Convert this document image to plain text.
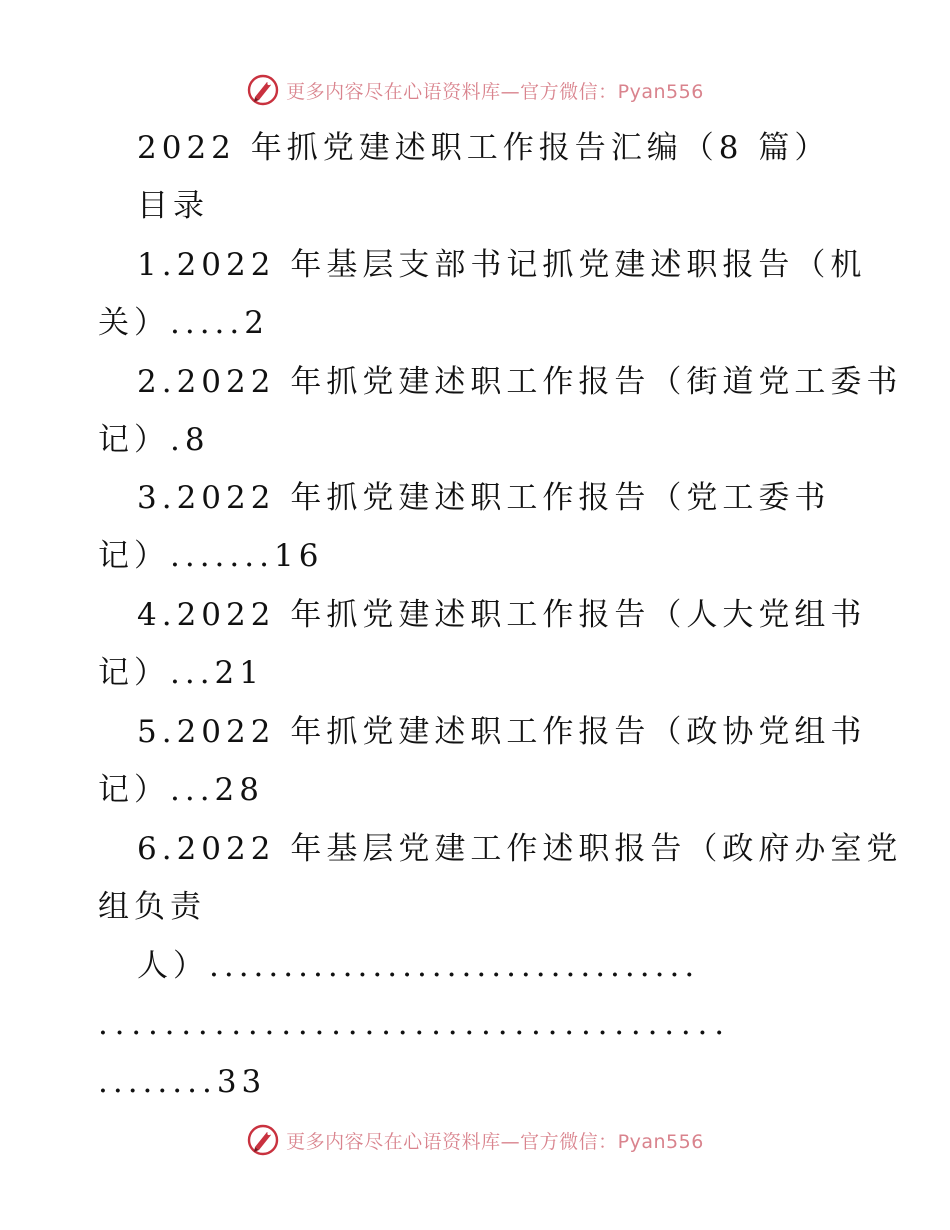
更多内容尽在心语资料库—官方微信：Pyan556
2022 年抓党建述职工作报告汇编（8 篇）
目录
1.2022 年基层支部书记抓党建述职报告（机
关）.....2
2.2022 年抓党建述职工作报告（街道党工委书
记）.8
3.2022 年抓党建述职工作报告（党工委书
记）.......16
4.2022 年抓党建述职工作报告（人大党组书
记）...21
5.2022 年抓党建述职工作报告（政协党组书
记）...28
6.2022 年基层党建工作述职报告（政府办室党
组负责
人）.................................
......................................
........33
更多内容尽在心语资料库—官方微信：Pyan556
